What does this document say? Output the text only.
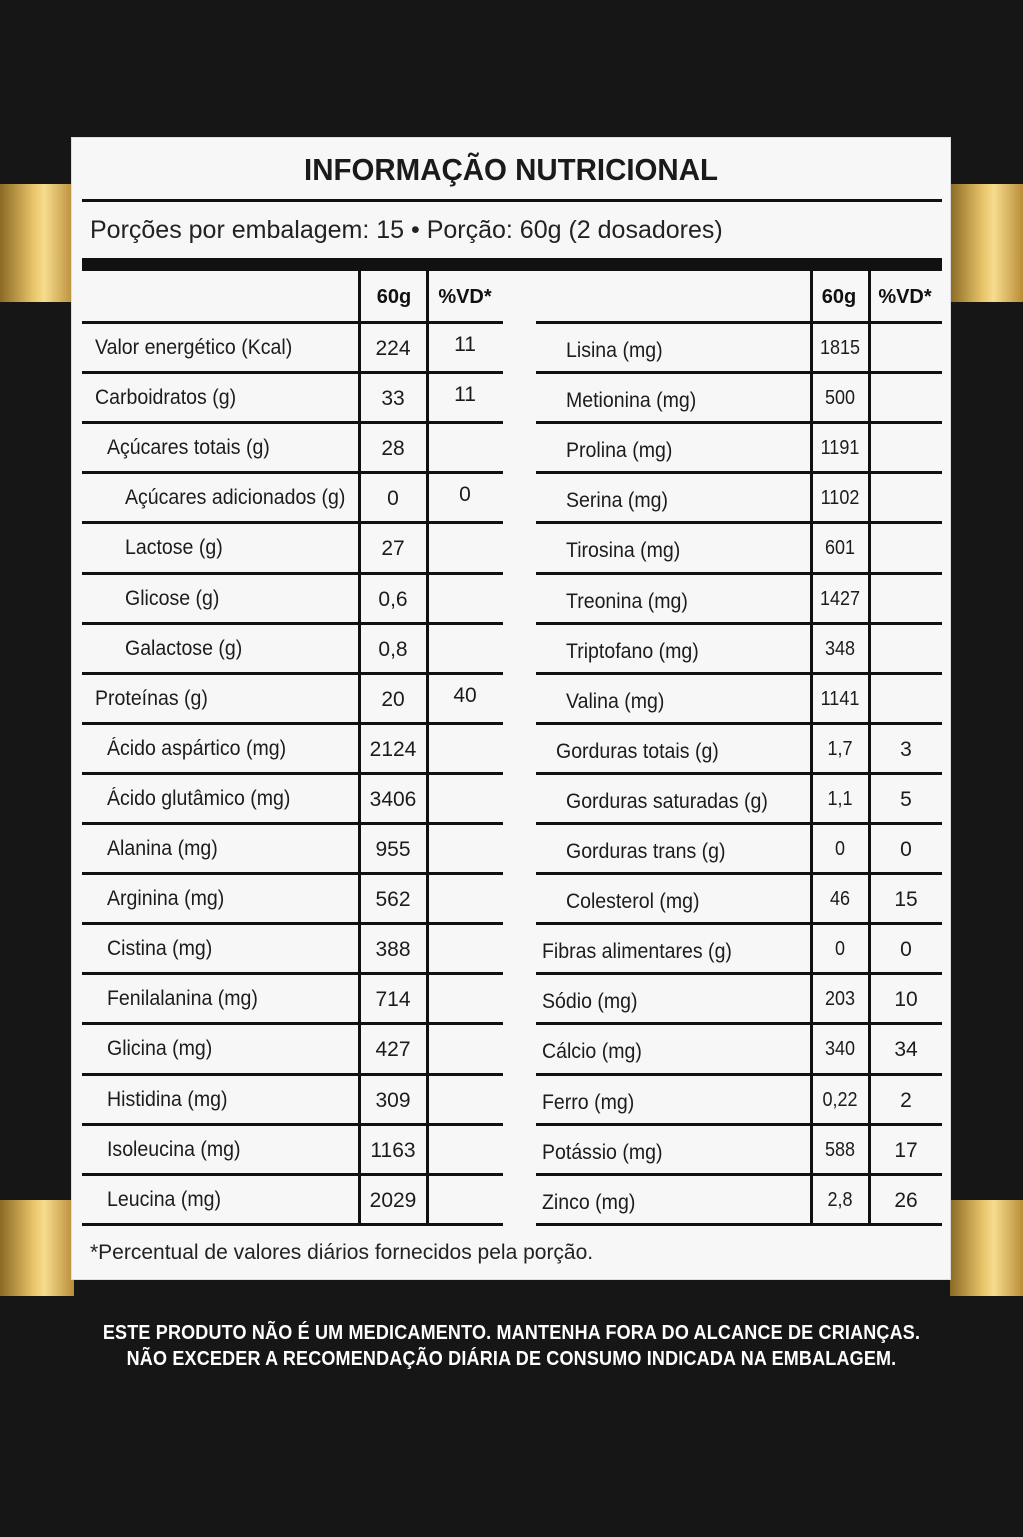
INFORMAÇÃO NUTRICIONAL
Porções por embalagem: 15 • Porção: 60g (2 dosadores)
60g	%VD*	60g	%VD*
Valor energético (Kcal)	224	11
Carboidratos (g)	33	11
Açúcares totais (g)	28
Açúcares adicionados (g)	0	0
Lactose (g)	27
Glicose (g)	0,6
Galactose (g)	0,8
Proteínas (g)	20	40
Ácido aspártico (mg)	2124
Ácido glutâmico (mg)	3406
Alanina (mg)	955
Arginina (mg)	562
Cistina (mg)	388
Fenilalanina (mg)	714
Glicina (mg)	427
Histidina (mg)	309
Isoleucina (mg)	1163
Leucina (mg)	2029
Lisina (mg)	1815
Metionina (mg)	500
Prolina (mg)	1191
Serina (mg)	1102
Tirosina (mg)	601
Treonina (mg)	1427
Triptofano (mg)	348
Valina (mg)	1141
Gorduras totais (g)	1,7	3
Gorduras saturadas (g)	1,1	5
Gorduras trans (g)	0	0
Colesterol (mg)	46	15
Fibras alimentares (g)	0	0
Sódio (mg)	203	10
Cálcio (mg)	340	34
Ferro (mg)	0,22	2
Potássio (mg)	588	17
Zinco (mg)	2,8	26
*Percentual de valores diários fornecidos pela porção.
ESTE PRODUTO NÃO É UM MEDICAMENTO. MANTENHA FORA DO ALCANCE DE CRIANÇAS.
NÃO EXCEDER A RECOMENDAÇÃO DIÁRIA DE CONSUMO INDICADA NA EMBALAGEM.
